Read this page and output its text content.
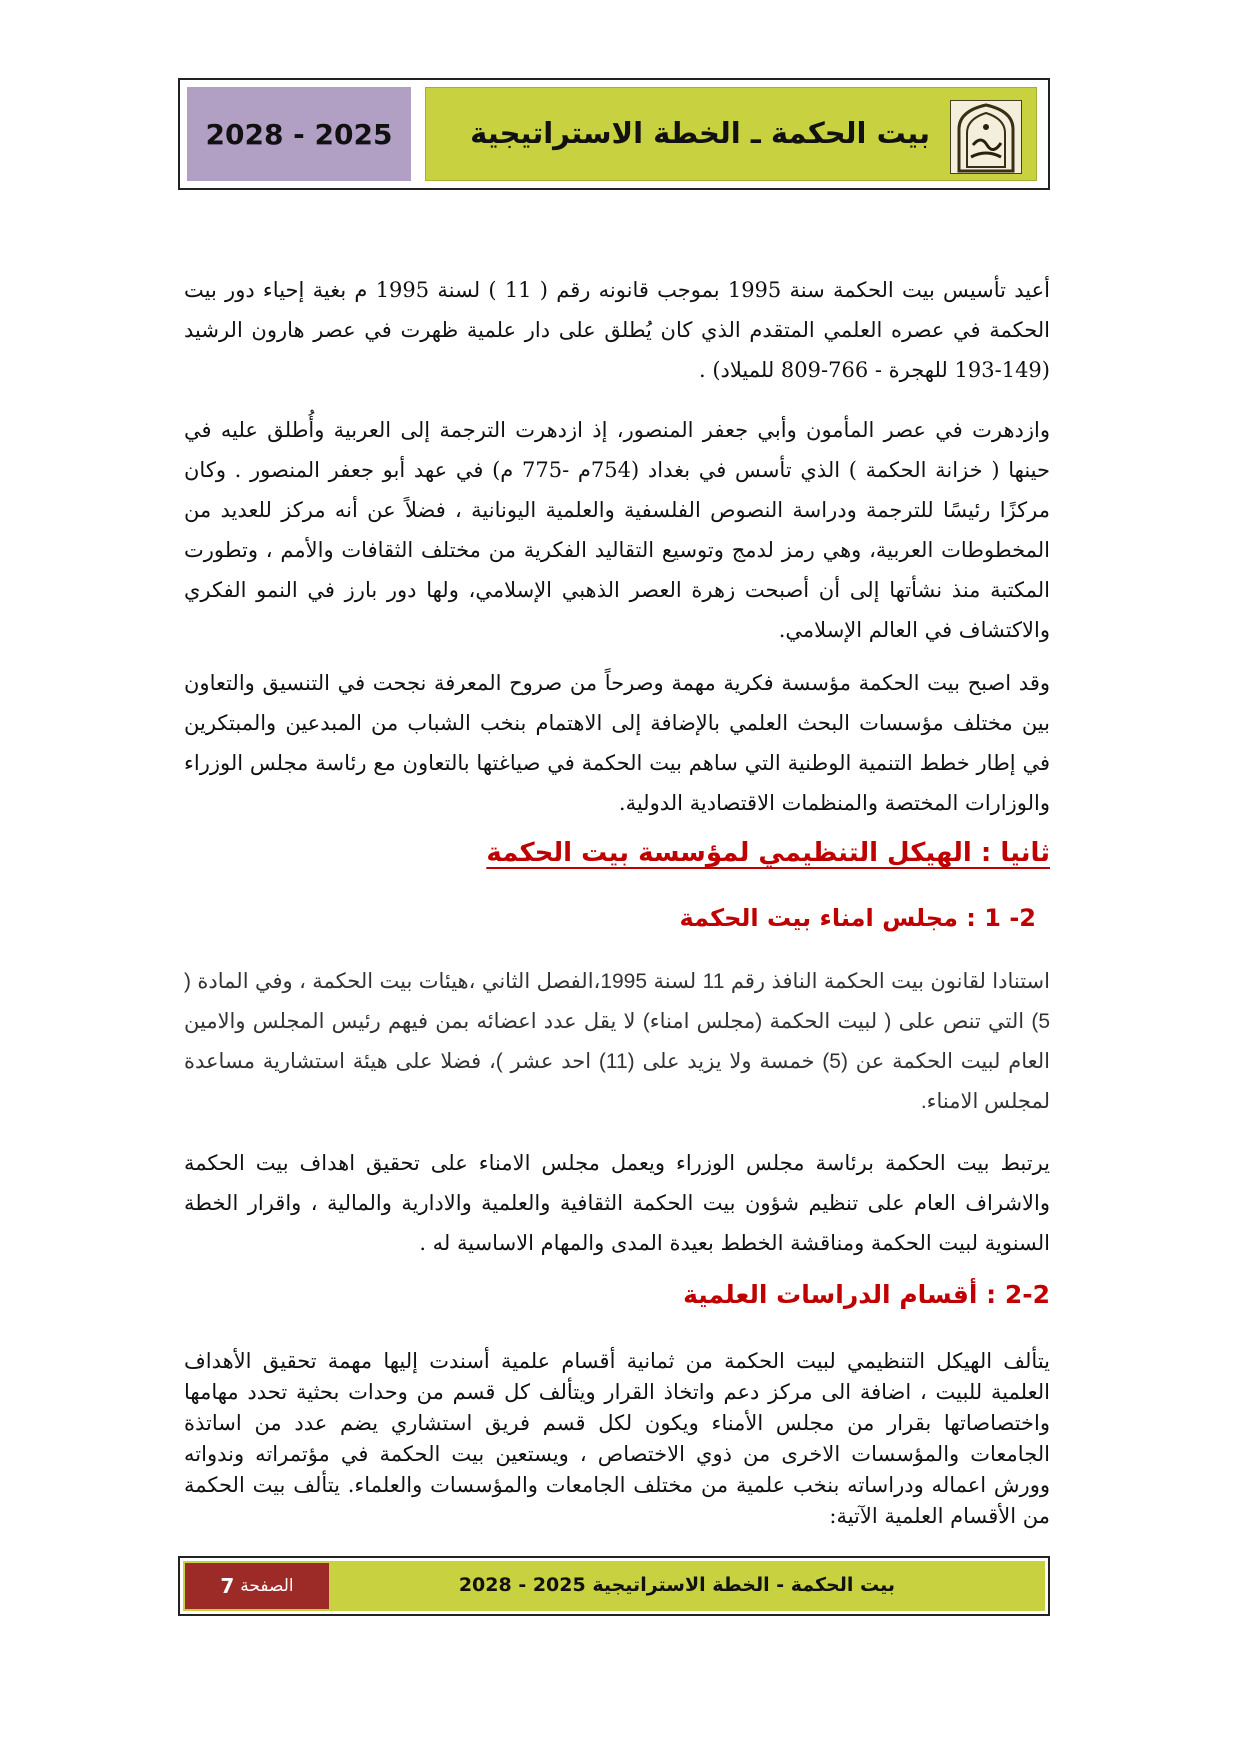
2028 - 2025	بيت الحكمة ـ الخطة الاستراتيجية
أعيد تأسيس بيت الحكمة سنة 1995 بموجب قانونه رقم ( 11 ) لسنة 1995 م بغية إحياء دور بيت الحكمة في عصره العلمي المتقدم الذي كان يُطلق على دار علمية ظهرت في عصر هارون الرشيد (149-193 للهجرة - 766-809 للميلاد) .
وازدهرت في عصر المأمون وأبي جعفر المنصور، إذ ازدهرت الترجمة إلى العربية وأُطلق عليه في حينها ( خزانة الحكمة ) الذي تأسس في بغداد (754م -775 م) في عهد أبو جعفر المنصور . وكان مركزًا رئيسًا للترجمة ودراسة النصوص الفلسفية والعلمية اليونانية ، فضلاً عن أنه مركز للعديد من المخطوطات العربية، وهي رمز لدمج وتوسيع التقاليد الفكرية من مختلف الثقافات والأمم ، وتطورت المكتبة منذ نشأتها إلى أن أصبحت زهرة العصر الذهبي الإسلامي، ولها دور بارز في النمو الفكري والاكتشاف في العالم الإسلامي.
وقد اصبح بيت الحكمة مؤسسة فكرية مهمة وصرحاً من صروح المعرفة نجحت في التنسيق والتعاون بين مختلف مؤسسات البحث العلمي بالإضافة إلى الاهتمام بنخب الشباب من المبدعين والمبتكرين في إطار خطط التنمية الوطنية التي ساهم بيت الحكمة في صياغتها بالتعاون مع رئاسة مجلس الوزراء والوزارات المختصة والمنظمات الاقتصادية الدولية.
ثانيا : الهيكل التنظيمي لمؤسسة بيت الحكمة
2- 1 : مجلس امناء بيت الحكمة
استنادا لقانون بيت الحكمة النافذ رقم 11 لسنة 1995،الفصل الثاني ،هيئات بيت الحكمة ، وفي المادة ( 5) التي تنص على ( لبيت الحكمة (مجلس امناء) لا يقل عدد اعضائه بمن فيهم رئيس المجلس والامين العام لبيت الحكمة عن (5) خمسة ولا يزيد على (11) احد عشر )، فضلا على هيئة استشارية مساعدة لمجلس الامناء.
يرتبط بيت الحكمة برئاسة مجلس الوزراء ويعمل مجلس الامناء على تحقيق اهداف بيت الحكمة والاشراف العام على تنظيم شؤون بيت الحكمة الثقافية والعلمية والادارية والمالية ، واقرار الخطة السنوية لبيت الحكمة ومناقشة الخطط بعيدة المدى والمهام الاساسية له .
2-2 : أقسام الدراسات العلمية
يتألف الهيكل التنظيمي لبيت الحكمة من ثمانية أقسام علمية أسندت إليها مهمة تحقيق الأهداف العلمية للبيت ، اضافة الى مركز دعم واتخاذ القرار ويتألف كل قسم من وحدات بحثية تحدد مهامها واختصاصاتها بقرار من مجلس الأمناء ويكون لكل قسم فريق استشاري يضم عدد من اساتذة الجامعات والمؤسسات الاخرى من ذوي الاختصاص ، ويستعين بيت الحكمة في مؤتمراته وندواته وورش اعماله ودراساته بنخب علمية من مختلف الجامعات والمؤسسات والعلماء. يتألف بيت الحكمة من الأقسام العلمية الآتية:
بيت الحكمة - الخطة الاستراتيجية 2025 - 2028
الصفحة
7
